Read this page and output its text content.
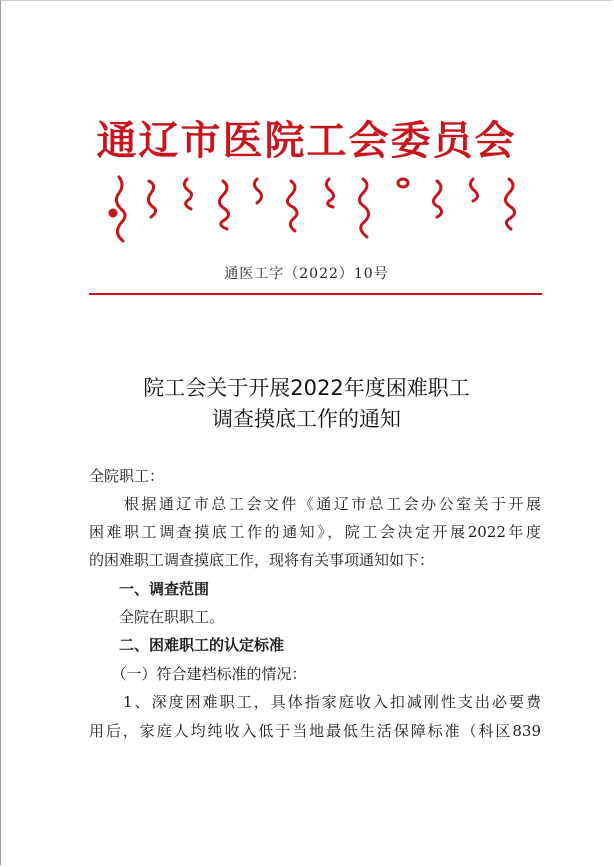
通辽市医院工会委员会
通医工字（2022）10号
院工会关于开展2022年度困难职工
调查摸底工作的通知
全院职工：
　　根据通辽市总工会文件《通辽市总工会办公室关于开展
困难职工调查摸底工作的通知》，院工会决定开展2022年度
的困难职工调查摸底工作，现将有关事项通知如下：
　　一、调查范围
　　全院在职职工。
　　二、困难职工的认定标准
　　（一）符合建档标准的情况：
　　1、深度困难职工，具体指家庭收入扣减刚性支出必要费
用后，家庭人均纯收入低于当地最低生活保障标准（科区839
